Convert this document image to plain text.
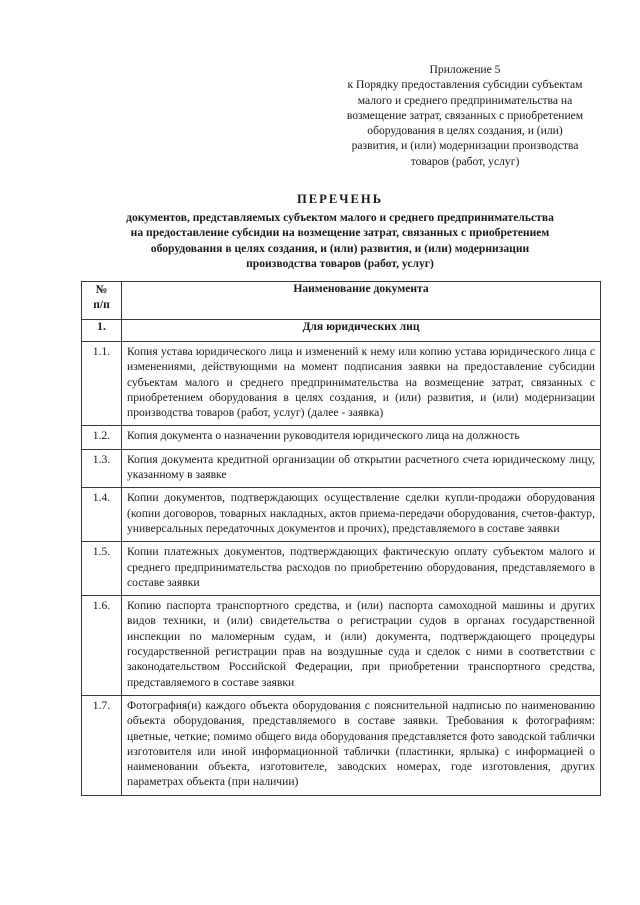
Приложение 5
к Порядку предоставления субсидии субъектам
малого и среднего предпринимательства на
возмещение затрат, связанных с приобретением
оборудования в целях создания, и (или)
развития, и (или) модернизации производства
товаров (работ, услуг)
ПЕРЕЧЕНЬ
документов, представляемых субъектом малого и среднего предпринимательства
на предоставление субсидии на возмещение затрат, связанных с приобретением
оборудования в целях создания, и (или) развития, и (или) модернизации
производства товаров (работ, услуг)
№
п/п	Наименование документа
1.	Для юридических лиц
1.1.	Копия устава юридического лица и изменений к нему или копию устава юридического лица с изменениями, действующими на момент подписания заявки на предоставление субсидии субъектам малого и среднего предпринимательства на возмещение затрат, связанных с приобретением оборудования в целях создания, и (или) развития, и (или) модернизации производства товаров (работ, услуг) (далее - заявка)
1.2.	Копия документа о назначении руководителя юридического лица на должность
1.3.	Копия документа кредитной организации об открытии расчетного счета юридическому лицу, указанному в заявке
1.4.	Копии документов, подтверждающих осуществление сделки купли-продажи оборудования (копии договоров, товарных накладных, актов приема-передачи оборудования, счетов-фактур, универсальных передаточных документов и прочих), представляемого в составе заявки
1.5.	Копии платежных документов, подтверждающих фактическую оплату субъектом малого и среднего предпринимательства расходов по приобретению оборудования, представляемого в составе заявки
1.6.	Копию паспорта транспортного средства, и (или) паспорта самоходной машины и других видов техники, и (или) свидетельства о регистрации судов в органах государственной инспекции по маломерным судам, и (или) документа, подтверждающего процедуры государственной регистрации прав на воздушные суда и сделок с ними в соответствии с законодательством Российской Федерации, при приобретении транспортного средства, представляемого в составе заявки
1.7.	Фотография(и) каждого объекта оборудования с пояснительной надписью по наименованию объекта оборудования, представляемого в составе заявки. Требования к фотографиям: цветные, четкие; помимо общего вида оборудования представляется фото заводской таблички изготовителя или иной информационной таблички (пластинки, ярлыка) с информацией о наименовании объекта, изготовителе, заводских номерах, годе изготовления, других параметрах объекта (при наличии)
